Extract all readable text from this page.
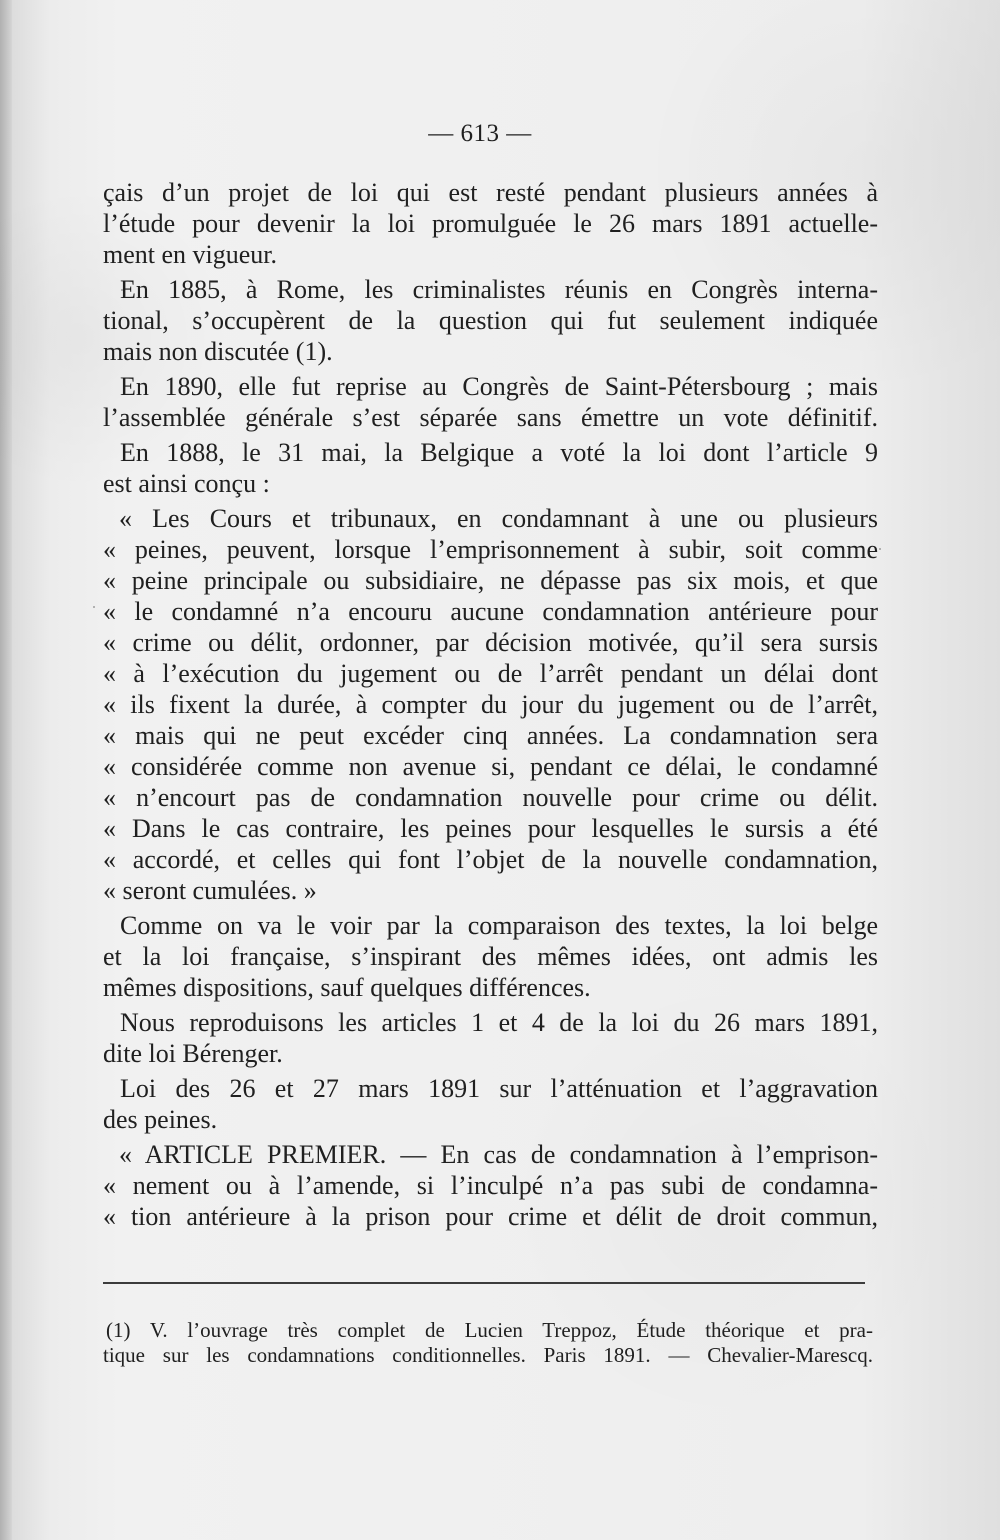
— 613 —
çais d’un projet de loi qui est resté pendant plusieurs années à
l’étude pour devenir la loi promulguée le 26 mars 1891 actuelle-
ment en vigueur.
En 1885, à Rome, les criminalistes réunis en Congrès interna-
tional, s’occupèrent de la question qui fut seulement indiquée
mais non discutée (1).
En 1890, elle fut reprise au Congrès de Saint-Pétersbourg ; mais
l’assemblée générale s’est séparée sans émettre un vote définitif.
En 1888, le 31 mai, la Belgique a voté la loi dont l’article 9
est ainsi conçu :
« Les Cours et tribunaux, en condamnant à une ou plusieurs
« peines, peuvent, lorsque l’emprisonnement à subir, soit comme
« peine principale ou subsidiaire, ne dépasse pas six mois, et que
« le condamné n’a encouru aucune condamnation antérieure pour
« crime ou délit, ordonner, par décision motivée, qu’il sera sursis
« à l’exécution du jugement ou de l’arrêt pendant un délai dont
« ils fixent la durée, à compter du jour du jugement ou de l’arrêt,
« mais qui ne peut excéder cinq années. La condamnation sera
« considérée comme non avenue si, pendant ce délai, le condamné
« n’encourt pas de condamnation nouvelle pour crime ou délit.
« Dans le cas contraire, les peines pour lesquelles le sursis a été
« accordé, et celles qui font l’objet de la nouvelle condamnation,
« seront cumulées. »
Comme on va le voir par la comparaison des textes, la loi belge
et la loi française, s’inspirant des mêmes idées, ont admis les
mêmes dispositions, sauf quelques différences.
Nous reproduisons les articles 1 et 4 de la loi du 26 mars 1891,
dite loi Bérenger.
Loi des 26 et 27 mars 1891 sur l’atténuation et l’aggravation
des peines.
« ARTICLE PREMIER. — En cas de condamnation à l’emprison-
« nement ou à l’amende, si l’inculpé n’a pas subi de condamna-
« tion antérieure à la prison pour crime et délit de droit commun,
(1) V. l’ouvrage très complet de Lucien Treppoz, Étude théorique et pra-
tique sur les condamnations conditionnelles. Paris 1891. — Chevalier-Marescq.
